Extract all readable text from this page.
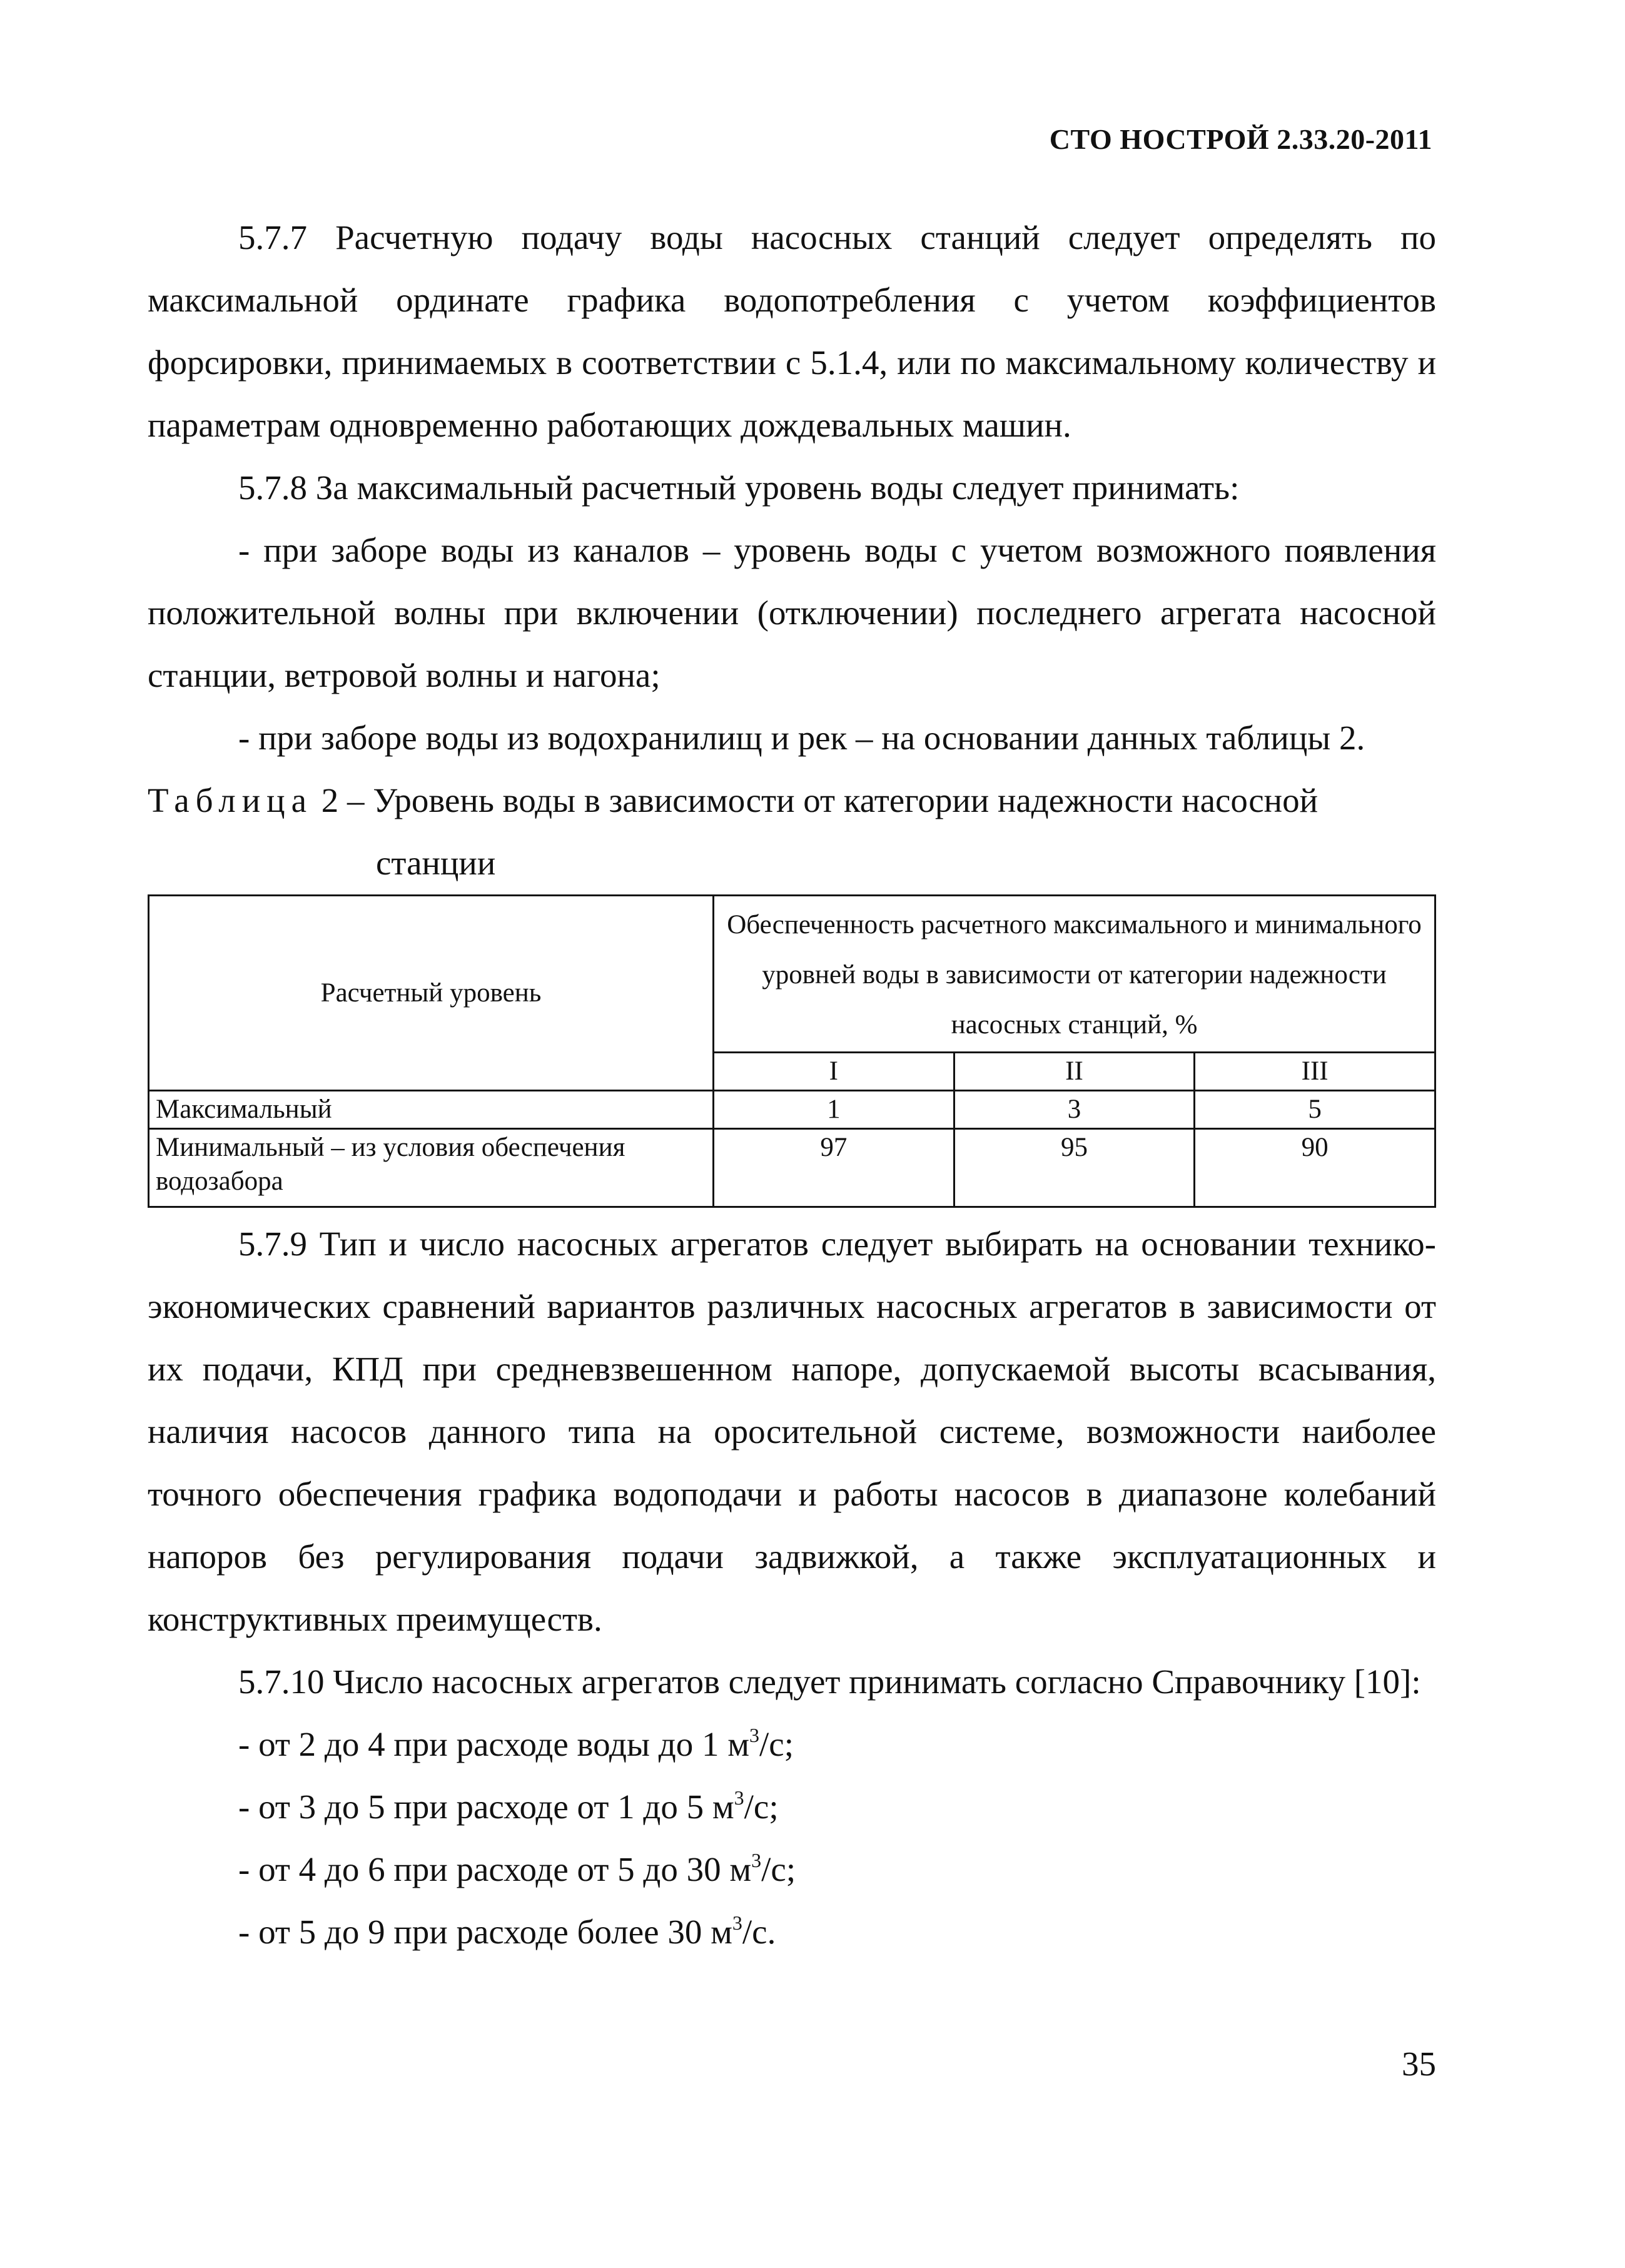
СТО НОСТРОЙ 2.33.20-2011

5.7.7 Расчетную подачу воды насосных станций следует определять по максимальной ординате графика водопотребления с учетом коэффициентов форсировки, принимаемых в соответствии с 5.1.4, или по максимальному количеству и параметрам одновременно работающих дождевальных машин.

5.7.8 За максимальный расчетный уровень воды следует принимать:

- при заборе воды из каналов – уровень воды с учетом возможного появления положительной волны при включении (отключении) последнего агрегата насосной станции, ветровой волны и нагона;

- при заборе воды из водохранилищ и рек – на основании данных таблицы 2.

Таблица 2 – Уровень воды в зависимости от категории надежности насосной
станции

Расчетный уровень	Обеспеченность расчетного максимального и минимального уровней воды в зависимости от категории надежности насосных станций, %		
	I	II	III
Максимальный	1	3	5
Минимальный – из условия обеспечения водозабора	97	95	90

5.7.9 Тип и число насосных агрегатов следует выбирать на основании технико-экономических сравнений вариантов различных насосных агрегатов в зависимости от их подачи, КПД при средневзвешенном напоре, допускаемой высоты всасывания, наличия насосов данного типа на оросительной системе, возможности наиболее точного обеспечения графика водоподачи и работы насосов в диапазоне колебаний напоров без регулирования подачи задвижкой, а также эксплуатационных и конструктивных преимуществ.

5.7.10 Число насосных агрегатов следует принимать согласно Справочнику [10]:

- от 2 до 4 при расходе воды до 1 $м^3/с$;

- от 3 до 5 при расходе от 1 до 5 $м^3/с$;

- от 4 до 6 при расходе от 5 до 30 $м^3/с$;

- от 5 до 9 при расходе более 30 $м^3/с$.

35
